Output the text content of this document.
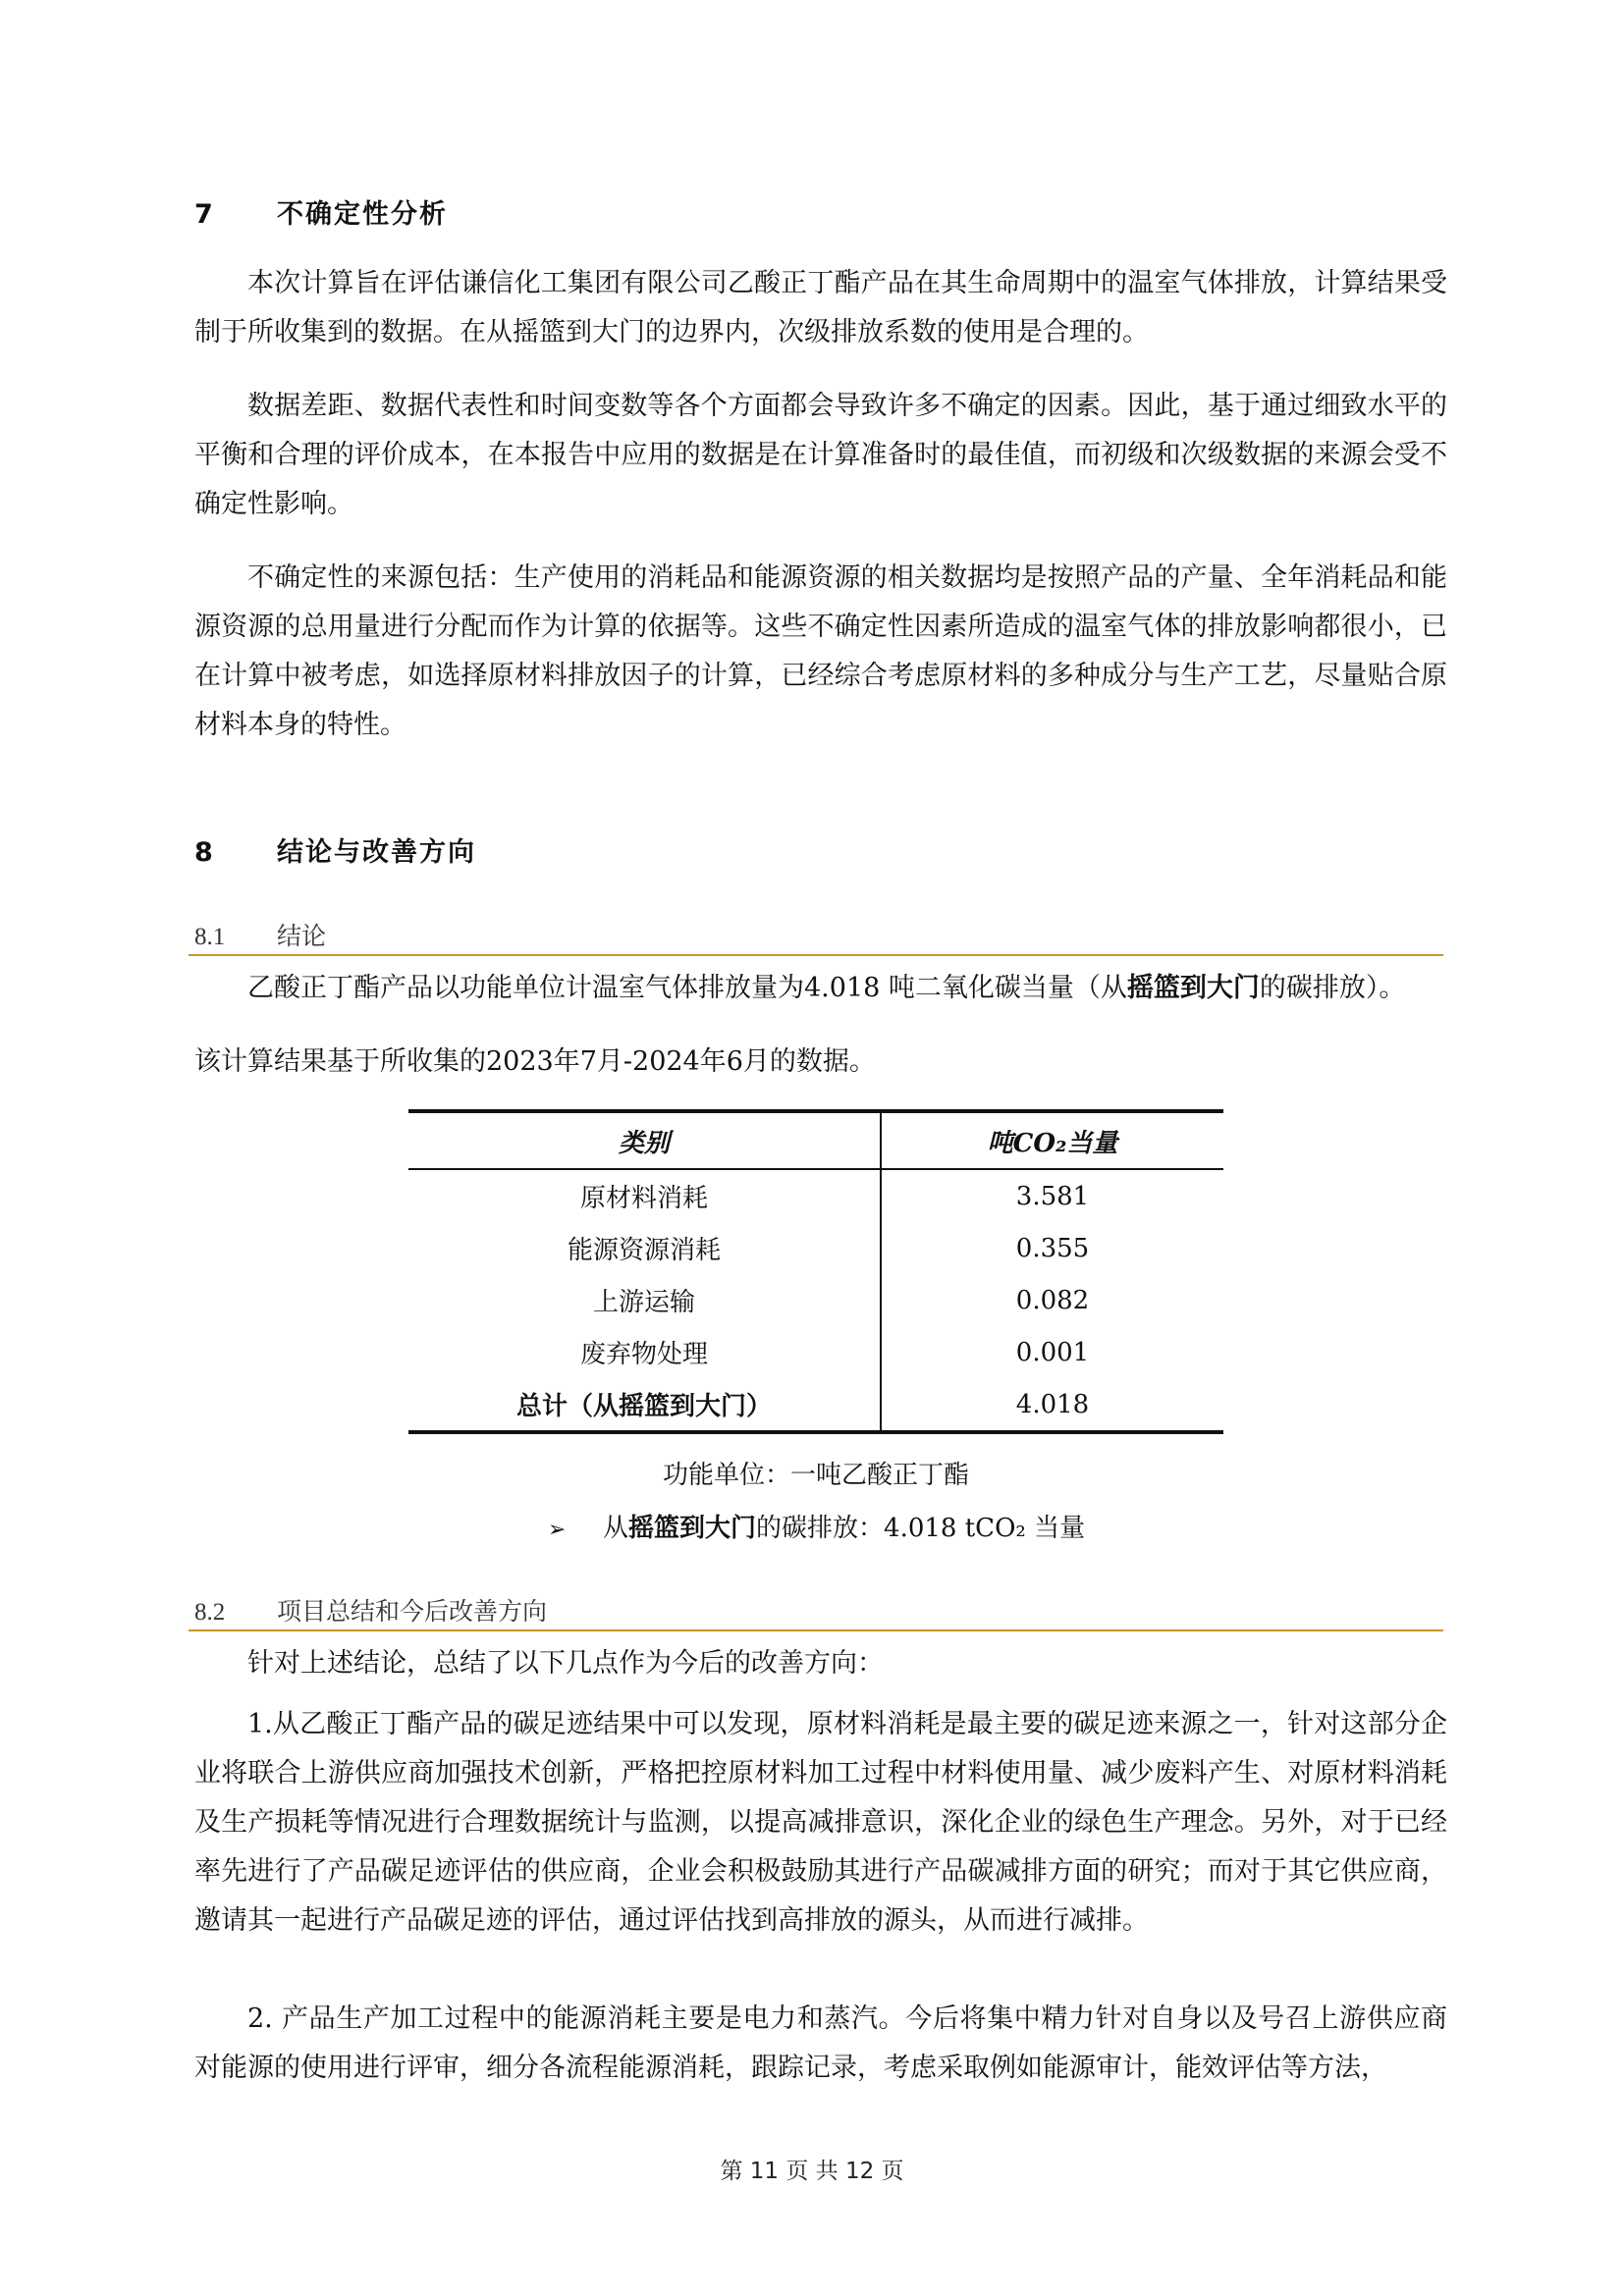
7 不确定性分析

本次计算旨在评估谦信化工集团有限公司乙酸正丁酯产品在其生命周期中的温室气体排放，计算结果受制于所收集到的数据。在从摇篮到大门的边界内，次级排放系数的使用是合理的。

数据差距、数据代表性和时间变数等各个方面都会导致许多不确定的因素。因此，基于通过细致水平的平衡和合理的评价成本，在本报告中应用的数据是在计算准备时的最佳值，而初级和次级数据的来源会受不确定性影响。

不确定性的来源包括：生产使用的消耗品和能源资源的相关数据均是按照产品的产量、全年消耗品和能源资源的总用量进行分配而作为计算的依据等。这些不确定性因素所造成的温室气体的排放影响都很小，已在计算中被考虑，如选择原材料排放因子的计算，已经综合考虑原材料的多种成分与生产工艺，尽量贴合原材料本身的特性。

8 结论与改善方向
8.1 结论

乙酸正丁酯产品以功能单位计温室气体排放量为4.018 吨二氧化碳当量（从摇篮到大门的碳排放）。

该计算结果基于所收集的2023年7月-2024年6月的数据。

类别	吨CO₂当量
原材料消耗	3.581
能源资源消耗	0.355
上游运输	0.082
废弃物处理	0.001
总计（从摇篮到大门）	4.018
功能单位：一吨乙酸正丁酯
➢ 从摇篮到大门的碳排放：4.018 tCO₂ 当量
8.2 项目总结和今后改善方向

针对上述结论，总结了以下几点作为今后的改善方向：

1.从乙酸正丁酯产品的碳足迹结果中可以发现，原材料消耗是最主要的碳足迹来源之一，针对这部分企业将联合上游供应商加强技术创新，严格把控原材料加工过程中材料使用量、减少废料产生、对原材料消耗及生产损耗等情况进行合理数据统计与监测，以提高减排意识，深化企业的绿色生产理念。另外，对于已经率先进行了产品碳足迹评估的供应商，企业会积极鼓励其进行产品碳减排方面的研究；而对于其它供应商，邀请其一起进行产品碳足迹的评估，通过评估找到高排放的源头，从而进行减排。

2. 产品生产加工过程中的能源消耗主要是电力和蒸汽。今后将集中精力针对自身以及号召上游供应商对能源的使用进行评审，细分各流程能源消耗，跟踪记录，考虑采取例如能源审计，能效评估等方法，

第 11 页 共 12 页
